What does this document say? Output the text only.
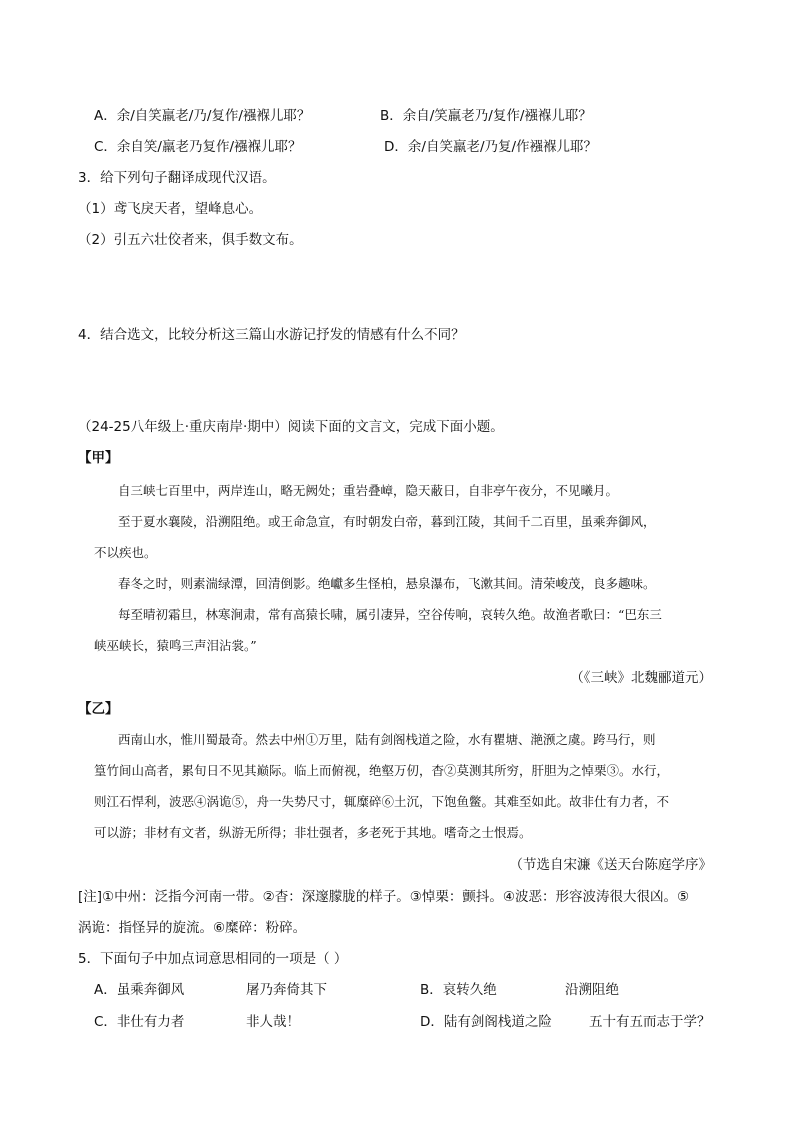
A．余/自笑羸老/乃/复作/襁褓儿耶？	B．余自/笑羸老乃/复作/襁褓儿耶？
C．余自笑/羸老乃复作/襁褓儿耶？	D．余/自笑羸老/乃复/作襁褓儿耶？
3．给下列句子翻译成现代汉语。
（1）鸢飞戾天者，望峰息心。
（2）引五六壮佼者来，俱手数文布。
4．结合选文，比较分析这三篇山水游记抒发的情感有什么不同？
（24-25八年级上·重庆南岸·期中）阅读下面的文言文，完成下面小题。
【甲】
自三峡七百里中，两岸连山，略无阙处；重岩叠嶂，隐天蔽日，自非亭午夜分，不见曦月。
至于夏水襄陵，沿溯阻绝。或王命急宣，有时朝发白帝，暮到江陵，其间千二百里，虽乘奔御风，
不以疾也。
春冬之时，则素湍绿潭，回清倒影。绝巘多生怪柏，悬泉瀑布，飞漱其间。清荣峻茂，良多趣味。
每至晴初霜旦，林寒涧肃，常有高猿长啸，属引凄异，空谷传响，哀转久绝。故渔者歌曰：“巴东三
峡巫峡长，猿鸣三声泪沾裳。”
（《三峡》北魏郦道元）
【乙】
西南山水，惟川蜀最奇。然去中州①万里，陆有剑阁栈道之险，水有瞿塘、滟滪之虞。跨马行，则
篁竹间山高者，累旬日不见其巅际。临上而俯视，绝壑万仞，杳②莫测其所穷，肝胆为之悼栗③。水行，
则江石悍利，波恶④涡诡⑤，舟一失势尺寸，辄糜碎⑥土沉，下饱鱼鳖。其难至如此。故非仕有力者，不
可以游；非材有文者，纵游无所得；非壮强者，多老死于其地。嗜奇之士恨焉。
（节选自宋濂《送天台陈庭学序》
[注]①中州：泛指今河南一带。②杳：深邃朦胧的样子。③悼栗：颤抖。④波恶：形容波涛很大很凶。⑤
涡诡：指怪异的旋流。⑥糜碎：粉碎。
5．下面句子中加点词意思相同的一项是（ ）
A．虽乘奔御风	屠乃奔倚其下	B．哀转久绝	沿溯阻绝
C．非仕有力者	非人哉！	D．陆有剑阁栈道之险	五十有五而志于学？
